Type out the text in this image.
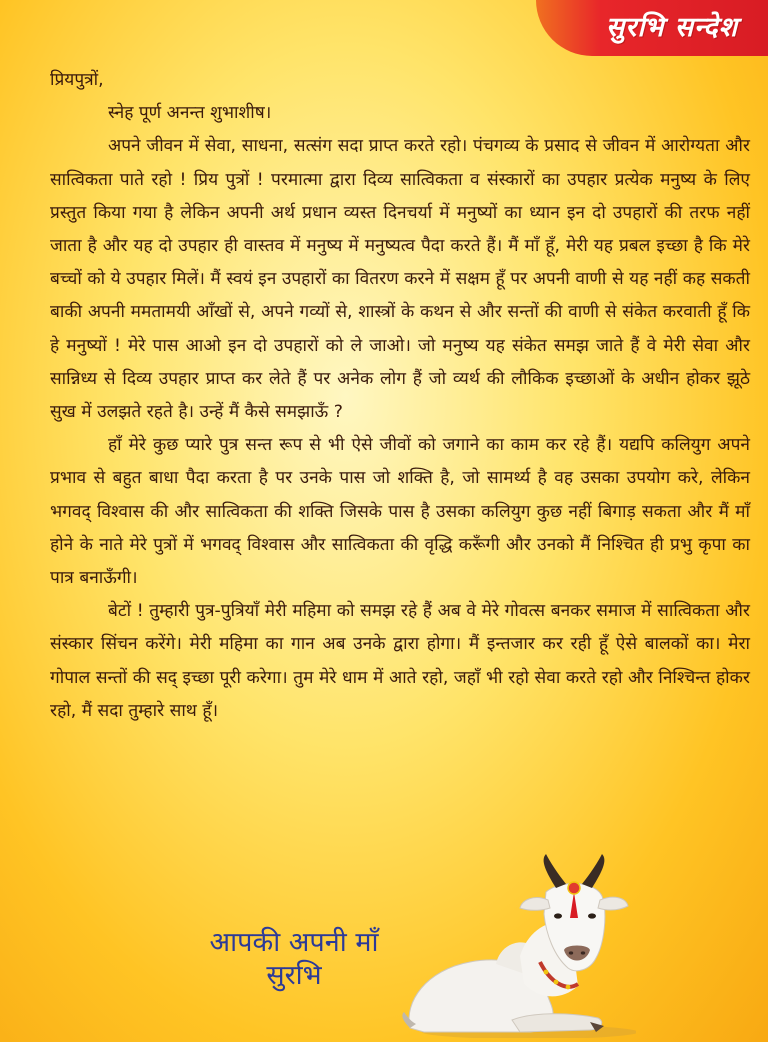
सुरभि सन्देश

प्रियपुत्रों,

स्नेह पूर्ण अनन्त शुभाशीष।

अपने जीवन में सेवा, साधना, सत्संग सदा प्राप्त करते रहो। पंचगव्य के प्रसाद से जीवन में आरोग्यता और सात्विकता पाते रहो ! प्रिय पुत्रों ! परमात्मा द्वारा दिव्य सात्विकता व संस्कारों का उपहार प्रत्येक मनुष्य के लिए प्रस्तुत किया गया है लेकिन अपनी अर्थ प्रधान व्यस्त दिनचर्या में मनुष्यों का ध्यान इन दो उपहारों की तरफ नहीं जाता है और यह दो उपहार ही वास्तव में मनुष्य में मनुष्यत्व पैदा करते हैं। मैं माँ हूँ, मेरी यह प्रबल इच्छा है कि मेरे बच्चों को ये उपहार मिलें। मैं स्वयं इन उपहारों का वितरण करने में सक्षम हूँ पर अपनी वाणी से यह नहीं कह सकती बाकी अपनी ममतामयी आँखों से, अपने गव्यों से, शास्त्रों के कथन से और सन्तों की वाणी से संकेत करवाती हूँ कि हे मनुष्यों ! मेरे पास आओ इन दो उपहारों को ले जाओ। जो मनुष्य यह संकेत समझ जाते हैं वे मेरी सेवा और सान्निध्य से दिव्य उपहार प्राप्त कर लेते हैं पर अनेक लोग हैं जो व्यर्थ की लौकिक इच्छाओं के अधीन होकर झूठे सुख में उलझते रहते है। उन्हें मैं कैसे समझाऊँ ?

हाँ मेरे कुछ प्यारे पुत्र सन्त रूप से भी ऐसे जीवों को जगाने का काम कर रहे हैं। यद्यपि कलियुग अपने प्रभाव से बहुत बाधा पैदा करता है पर उनके पास जो शक्ति है, जो सामर्थ्य है वह उसका उपयोग करे, लेकिन भगवद् विश्वास की और सात्विकता की शक्ति जिसके पास है उसका कलियुग कुछ नहीं बिगाड़ सकता और मैं माँ होने के नाते मेरे पुत्रों में भगवद् विश्वास और सात्विकता की वृद्धि करूँगी और उनको मैं निश्चित ही प्रभु कृपा का पात्र बनाऊँगी।

बेटों ! तुम्हारी पुत्र-पुत्रियाँ मेरी महिमा को समझ रहे हैं अब वे मेरे गोवत्स बनकर समाज में सात्विकता और संस्कार सिंचन करेंगे। मेरी महिमा का गान अब उनके द्वारा होगा। मैं इन्तजार कर रही हूँ ऐसे बालकों का। मेरा गोपाल सन्तों की सद् इच्छा पूरी करेगा। तुम मेरे धाम में आते रहो, जहाँ भी रहो सेवा करते रहो और निश्चिन्त होकर रहो, मैं सदा तुम्हारे साथ हूँ।

आपकी अपनी माँ
सुरभि
